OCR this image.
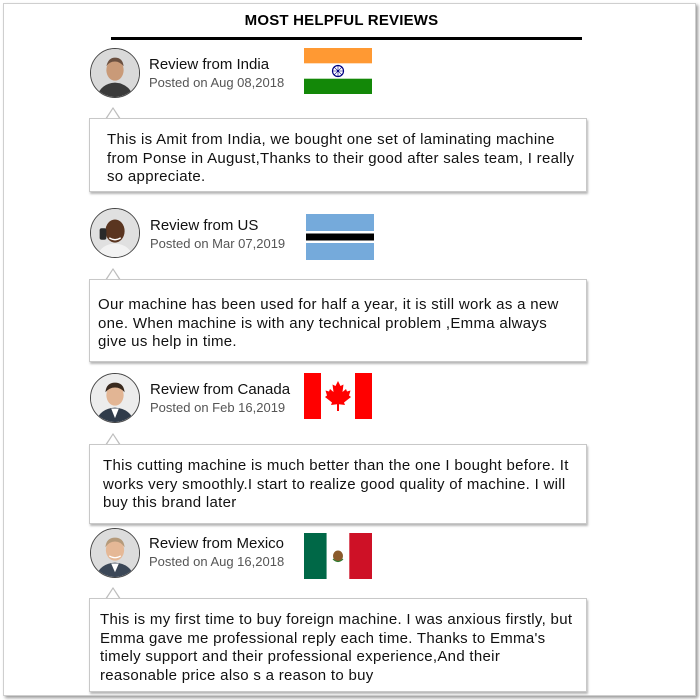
MOST HELPFUL REVIEWS
Review from India
Posted on Aug 08,2018
This is Amit from India, we bought one set of laminating machine from Ponse in August,Thanks to their good after sales team, I really so appreciate.
Review from US
Posted on Mar 07,2019
Our machine has been used for half a year, it is still work as a new one. When machine is with any technical problem ,Emma always give us help in time.
Review from Canada
Posted on Feb 16,2019
This cutting machine is much better than the one I bought before. It works very smoothly.I start to realize good quality of machine. I will buy this brand later
Review from Mexico
Posted on Aug 16,2018
This is my first time to buy foreign machine. I was anxious firstly, but Emma gave me professional reply each time. Thanks to Emma's timely support and their professional experience,And their reasonable price also s a reason to buy
